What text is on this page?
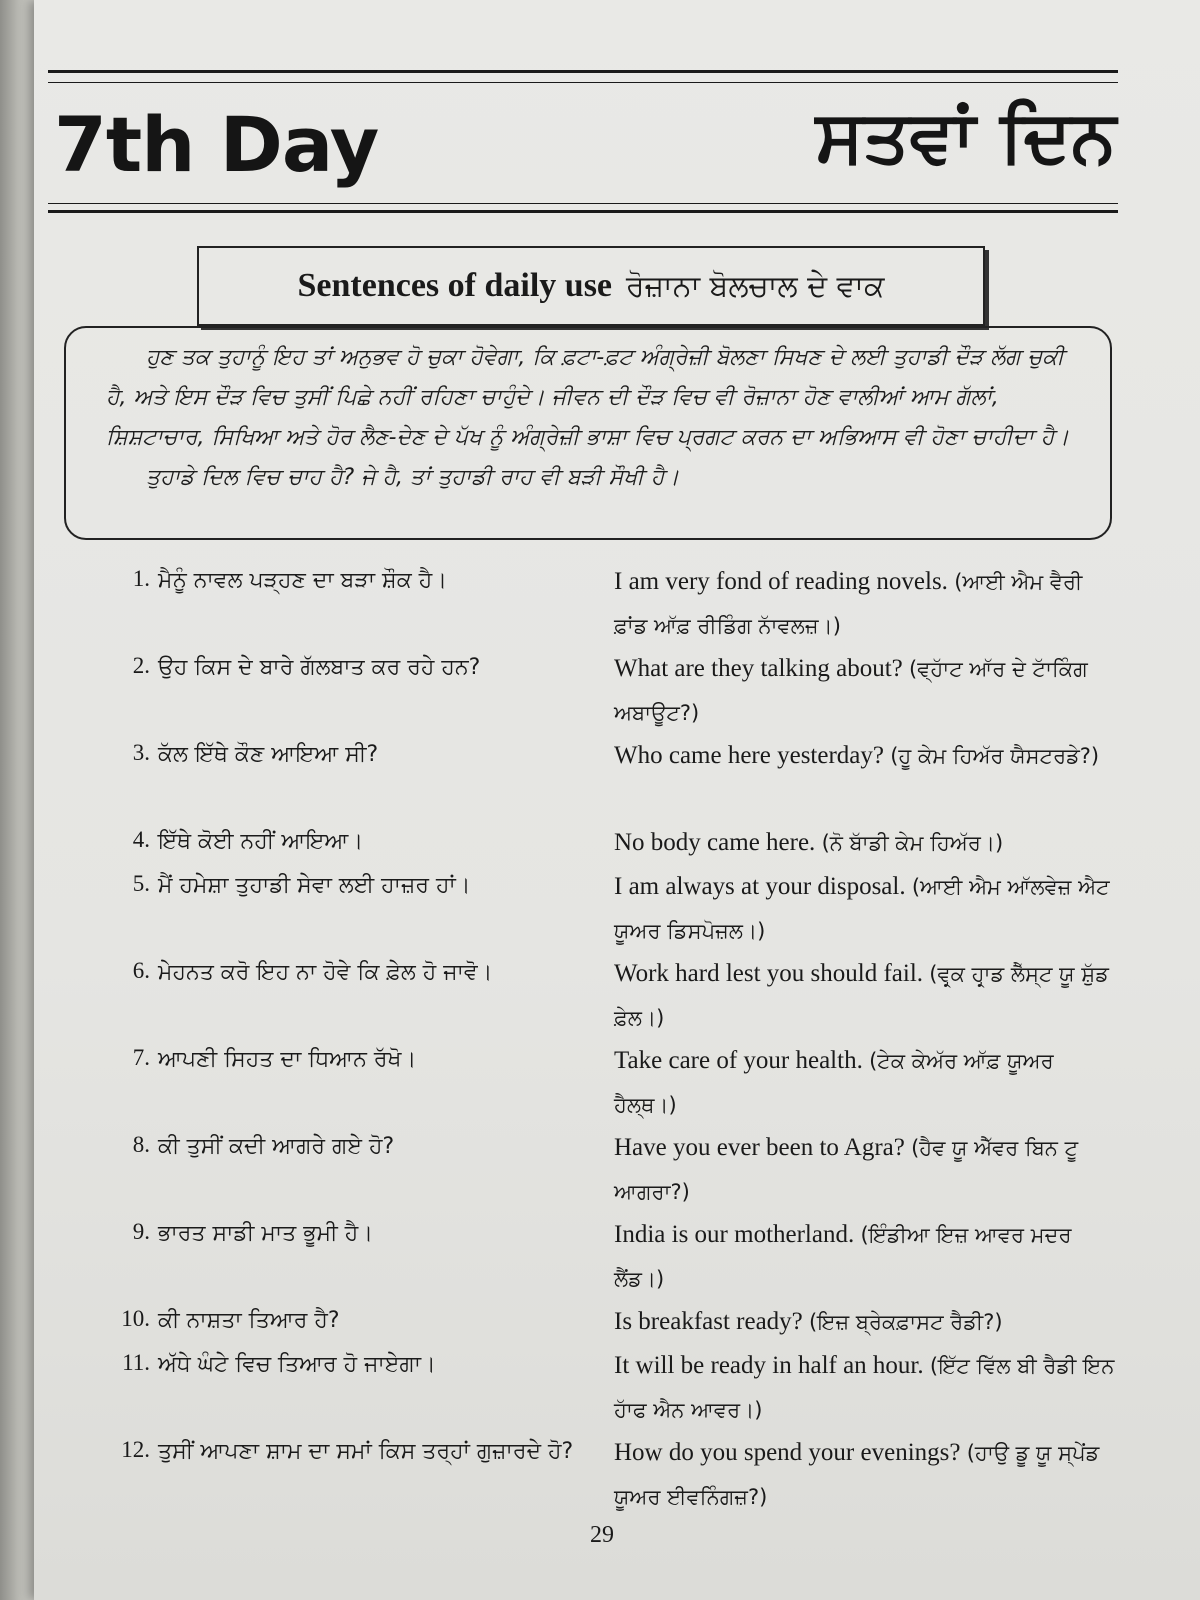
7th Day	ਸਤਵਾਂ ਦਿਨ
Sentences of daily use ਰੋਜ਼ਾਨਾ ਬੋਲਚਾਲ ਦੇ ਵਾਕ

ਹੁਣ ਤਕ ਤੁਹਾਨੂੰ ਇਹ ਤਾਂ ਅਨੁਭਵ ਹੋ ਚੁਕਾ ਹੋਵੇਗਾ, ਕਿ ਫ਼ਟਾ-ਫ਼ਟ ਅੰਗ੍ਰੇਜ਼ੀ ਬੋਲਣਾ ਸਿਖਣ ਦੇ ਲਈ ਤੁਹਾਡੀ ਦੌੜ ਲੱਗ ਚੁਕੀ ਹੈ, ਅਤੇ ਇਸ ਦੌੜ ਵਿਚ ਤੁਸੀਂ ਪਿਛੇ ਨਹੀਂ ਰਹਿਣਾ ਚਾਹੁੰਦੇ। ਜੀਵਨ ਦੀ ਦੌੜ ਵਿਚ ਵੀ ਰੋਜ਼ਾਨਾ ਹੋਣ ਵਾਲੀਆਂ ਆਮ ਗੱਲਾਂ, ਸ਼ਿਸ਼ਟਾਚਾਰ, ਸਿਖਿਆ ਅਤੇ ਹੋਰ ਲੈਣ-ਦੇਣ ਦੇ ਪੱਖ ਨੂੰ ਅੰਗ੍ਰੇਜ਼ੀ ਭਾਸ਼ਾ ਵਿਚ ਪ੍ਰਗਟ ਕਰਨ ਦਾ ਅਭਿਆਸ ਵੀ ਹੋਣਾ ਚਾਹੀਦਾ ਹੈ।

ਤੁਹਾਡੇ ਦਿਲ ਵਿਚ ਚਾਹ ਹੈ? ਜੇ ਹੈ, ਤਾਂ ਤੁਹਾਡੀ ਰਾਹ ਵੀ ਬੜੀ ਸੌਖੀ ਹੈ।

1. ਮੈਨੂੰ ਨਾਵਲ ਪੜ੍ਹਣ ਦਾ ਬੜਾ ਸ਼ੌਕ ਹੈ।	I am very fond of reading novels. (ਆਈ ਐਮ ਵੈਰੀ ਫ਼ਾਂਡ ਆੱਫ਼ ਰੀਡਿੰਗ ਨਾੱਵਲਜ਼।)
2. ਉਹ ਕਿਸ ਦੇ ਬਾਰੇ ਗੱਲਬਾਤ ਕਰ ਰਹੇ ਹਨ?	What are they talking about? (ਵ੍ਹਾੱਟ ਆੱਰ ਦੇ ਟਾੱਕਿੰਗ ਅਬਾਊਟ?)
3. ਕੱਲ ਇੱਥੇ ਕੌਣ ਆਇਆ ਸੀ?	Who came here yesterday? (ਹੂ ਕੇਮ ਹਿਅੱਰ ਯੈਸਟਰਡੇ?)
4. ਇੱਥੇ ਕੋਈ ਨਹੀਂ ਆਇਆ।	No body came here. (ਨੋ ਬਾੱਡੀ ਕੇਮ ਹਿਅੱਰ।)
5. ਮੈਂ ਹਮੇਸ਼ਾ ਤੁਹਾਡੀ ਸੇਵਾ ਲਈ ਹਾਜ਼ਰ ਹਾਂ।	I am always at your disposal. (ਆਈ ਐਮ ਆੱਲਵੇਜ਼ ਐਟ ਯੂਅਰ ਡਿਸਪੋਜ਼ਲ।)
6. ਮੇਹਨਤ ਕਰੋ ਇਹ ਨਾ ਹੋਵੇ ਕਿ ਫ਼ੇਲ ਹੋ ਜਾਵੋ।	Work hard lest you should fail. (ਵਰ੍ਕ ਹਾਰ੍ਡ ਲੈੱਸ੍ਟ ਯੂ ਸ਼ੁੱਡ ਫ਼ੇਲ।)
7. ਆਪਣੀ ਸਿਹਤ ਦਾ ਧਿਆਨ ਰੱਖੋ।	Take care of your health. (ਟੇਕ ਕੇਅੱਰ ਆੱਫ਼ ਯੂਅਰ ਹੈਲ੍ਥ।)
8. ਕੀ ਤੁਸੀਂ ਕਦੀ ਆਗਰੇ ਗਏ ਹੋ?	Have you ever been to Agra? (ਹੈਵ ਯੂ ਐੱਵਰ ਬਿਨ ਟੂ ਆਗਰਾ?)
9. ਭਾਰਤ ਸਾਡੀ ਮਾਤ ਭੂਮੀ ਹੈ।	India is our motherland. (ਇੰਡੀਆ ਇਜ਼ ਆਵਰ ਮਦਰ ਲੈਂਡ।)
10. ਕੀ ਨਾਸ਼ਤਾ ਤਿਆਰ ਹੈ?	Is breakfast ready? (ਇਜ਼ ਬ੍ਰੇਕਫ਼ਾਸਟ ਰੈਡੀ?)
11. ਅੱਧੇ ਘੰਟੇ ਵਿਚ ਤਿਆਰ ਹੋ ਜਾਏਗਾ।	It will be ready in half an hour. (ਇੱਟ ਵਿੱਲ ਬੀ ਰੈਡੀ ਇਨ ਹਾੱਫ ਐਨ ਆਵਰ।)
12. ਤੁਸੀਂ ਆਪਣਾ ਸ਼ਾਮ ਦਾ ਸਮਾਂ ਕਿਸ ਤਰ੍ਹਾਂ ਗੁਜ਼ਾਰਦੇ ਹੋ?	How do you spend your evenings? (ਹਾਉ ਡੂ ਯੂ ਸ੍ਪੇਂਡ ਯੂਅਰ ਈਵਨਿੰਗਜ਼?)
29
